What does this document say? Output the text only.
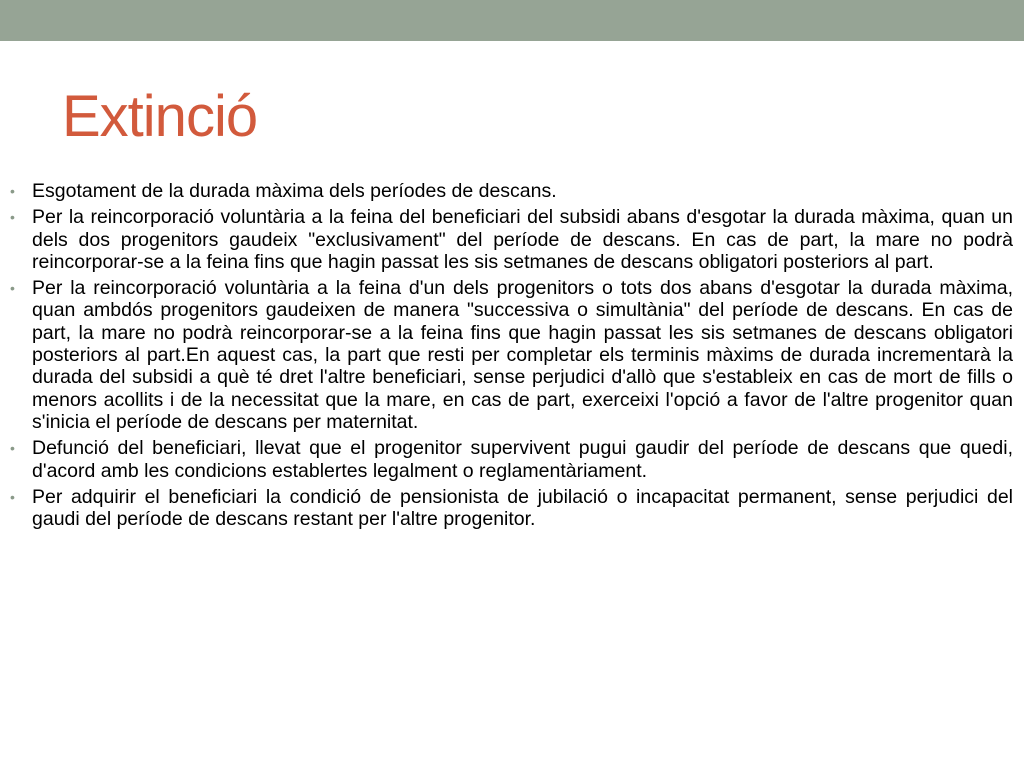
Extinció
• Esgotament de la durada màxima dels períodes de descans.
• Per la reincorporació voluntària a la feina del beneficiari del subsidi abans d'esgotar la durada màxima, quan un dels dos progenitors gaudeix "exclusivament" del període de descans. En cas de part, la mare no podrà reincorporar-se a la feina fins que hagin passat les sis setmanes de descans obligatori posteriors al part.
• Per la reincorporació voluntària a la feina d'un dels progenitors o tots dos abans d'esgotar la durada màxima, quan ambdós progenitors gaudeixen de manera "successiva o simultània" del període de descans. En cas de part, la mare no podrà reincorporar-se a la feina fins que hagin passat les sis setmanes de descans obligatori posteriors al part.En aquest cas, la part que resti per completar els terminis màxims de durada incrementarà la durada del subsidi a què té dret l'altre beneficiari, sense perjudici d'allò que s'estableix en cas de mort de fills o menors acollits i de la necessitat que la mare, en cas de part, exerceixi l'opció a favor de l'altre progenitor quan s'inicia el període de descans per maternitat.
• Defunció del beneficiari, llevat que el progenitor supervivent pugui gaudir del període de descans que quedi, d'acord amb les condicions establertes legalment o reglamentàriament.
• Per adquirir el beneficiari la condició de pensionista de jubilació o incapacitat permanent, sense perjudici del gaudi del període de descans restant per l'altre progenitor.
